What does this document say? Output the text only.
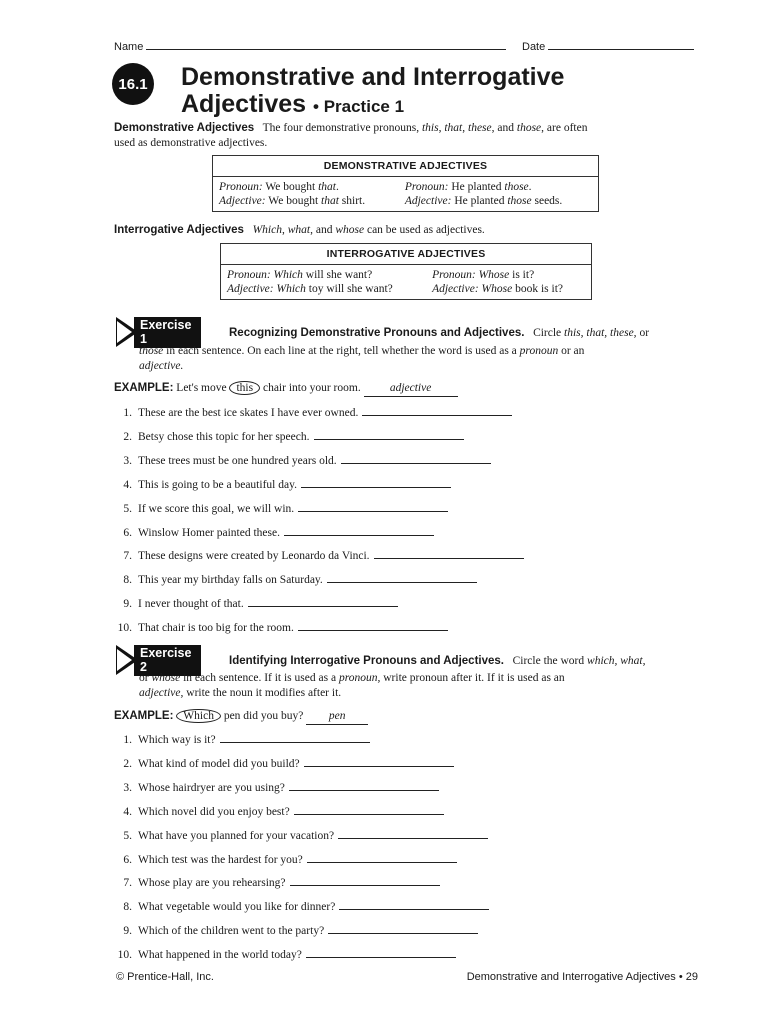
Name	Date
16.1 Demonstrative and Interrogative
Adjectives • Practice 1
Demonstrative Adjectives The four demonstrative pronouns, this, that, these, and those, are often
used as demonstrative adjectives.
DEMONSTRATIVE ADJECTIVES	
Pronoun: We bought that.	Pronoun: He planted those.
Adjective: We bought that shirt.	Adjective: He planted those seeds.
Interrogative Adjectives Which, what, and whose can be used as adjectives.
INTERROGATIVE ADJECTIVES	
Pronoun: Which will she want?	Pronoun: Whose is it?
Adjective: Which toy will she want?	Adjective: Whose book is it?
Exercise 1	Recognizing Demonstrative Pronouns and Adjectives. Circle this, that, these, or
those in each sentence. On each line at the right, tell whether the word is used as a pronoun or an
adjective.
EXAMPLE: Let's move this chair into your room.	adjective
1. These are the best ice skates I have ever owned.
2. Betsy chose this topic for her speech.
3. These trees must be one hundred years old.
4. This is going to be a beautiful day.
5. If we score this goal, we will win.
6. Winslow Homer painted these.
7. These designs were created by Leonardo da Vinci.
8. This year my birthday falls on Saturday.
9. I never thought of that.
10. That chair is too big for the room.
Exercise 2	Identifying Interrogative Pronouns and Adjectives. Circle the word which, what,
or whose in each sentence. If it is used as a pronoun, write pronoun after it. If it is used as an
adjective, write the noun it modifies after it.
EXAMPLE: Which pen did you buy? pen
1. Which way is it?
2. What kind of model did you build?
3. Whose hairdryer are you using?
4. Which novel did you enjoy best?
5. What have you planned for your vacation?
6. Which test was the hardest for you?
7. Whose play are you rehearsing?
8. What vegetable would you like for dinner?
9. Which of the children went to the party?
10. What happened in the world today?
© Prentice-Hall, Inc.	Demonstrative and Interrogative Adjectives • 29
